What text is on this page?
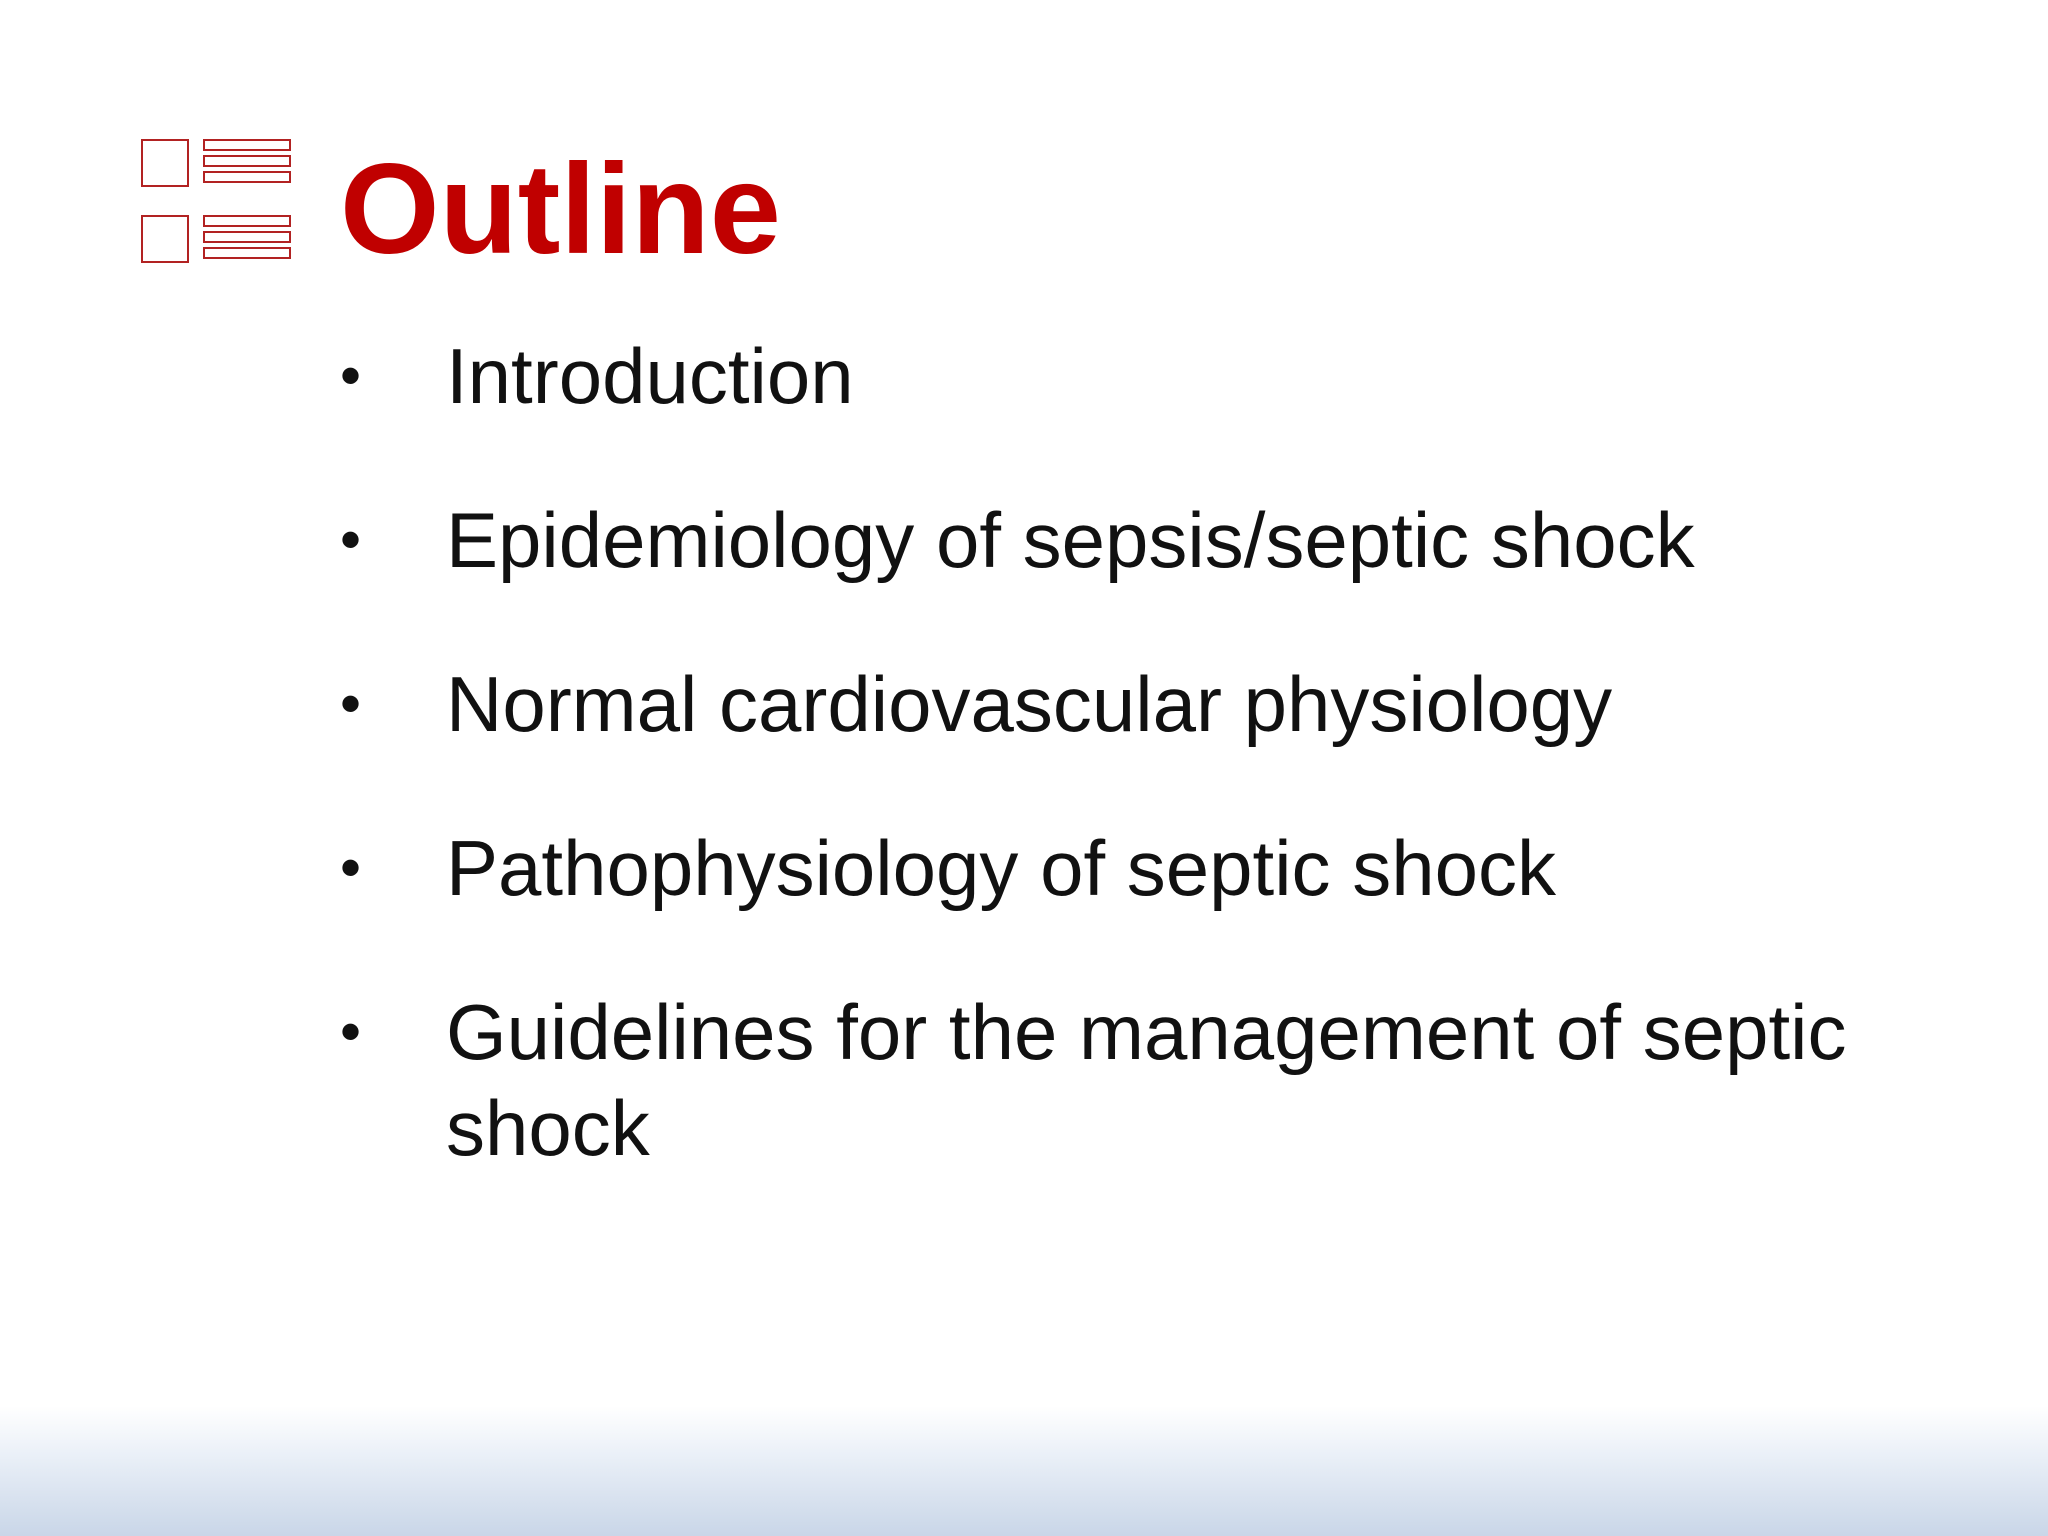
Outline
• Introduction
• Epidemiology of sepsis/septic shock
• Normal cardiovascular physiology
• Pathophysiology of septic shock
• Guidelines for the management of septic shock
